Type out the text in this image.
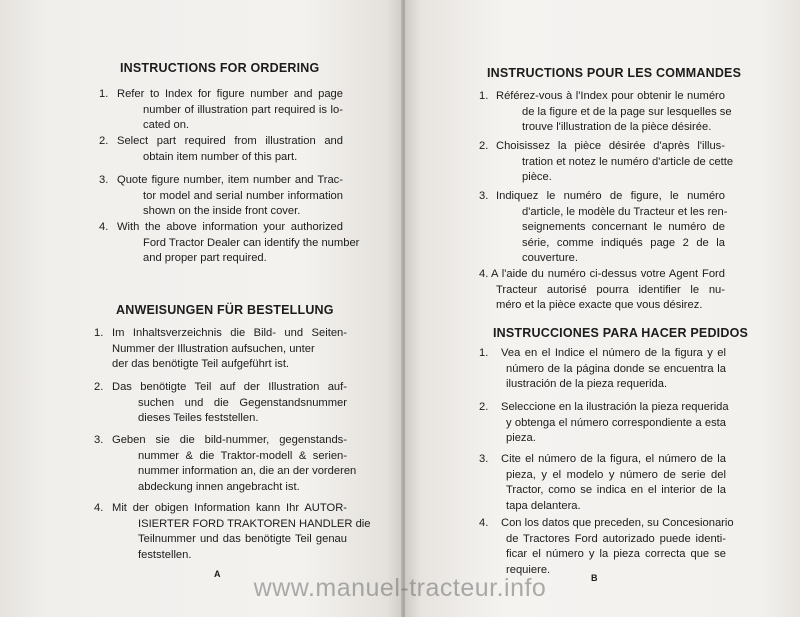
INSTRUCTIONS FOR ORDERING
1. Refer to Index for figure number and page
number of illustration part required is lo-
cated on.
2. Select part required from illustration and
obtain item number of this part.
3. Quote figure number, item number and Trac-
tor model and serial number information
shown on the inside front cover.
4. With the above information your authorized
Ford Tractor Dealer can identify the number
and proper part required.
ANWEISUNGEN FÜR BESTELLUNG
1. Im Inhaltsverzeichnis die Bild- und Seiten-
Nummer der Illustration aufsuchen, unter
der das benötigte Teil aufgeführt ist.
2. Das benötigte Teil auf der Illustration auf-
suchen und die Gegenstandsnummer
dieses Teiles feststellen.
3. Geben sie die bild-nummer, gegenstands-
nummer & die Traktor-modell & serien-
nummer information an, die an der vorderen
abdeckung innen angebracht ist.
4. Mit der obigen Information kann Ihr AUTOR-
ISIERTER FORD TRAKTOREN HANDLER die
Teilnummer und das benötigte Teil genau
feststellen.
A
INSTRUCTIONS POUR LES COMMANDES
1. Référez-vous à l'Index pour obtenir le numéro
de la figure et de la page sur lesquelles se
trouve l'illustration de la pièce désirée.
2. Choisissez la pièce désirée d'après l'illus-
tration et notez le numéro d'article de cette
pièce.
3. Indiquez le numéro de figure, le numéro
d'article, le modèle du Tracteur et les ren-
seignements concernant le numéro de
série, comme indiqués page 2 de la
couverture.
4. A l'aide du numéro ci-dessus votre Agent Ford
Tracteur autorisé pourra identifier le nu-
méro et la pièce exacte que vous désirez.
INSTRUCCIONES PARA HACER PEDIDOS
1. Vea en el Indice el número de la figura y el
número de la página donde se encuentra la
ilustración de la pieza requerida.
2. Seleccione en la ilustración la pieza requerida
y obtenga el número correspondiente a esta
pieza.
3. Cite el número de la figura, el número de la
pieza, y el modelo y número de serie del
Tractor, como se indica en el interior de la
tapa delantera.
4. Con los datos que preceden, su Concesionario
de Tractores Ford autorizado puede identi-
ficar el número y la pieza correcta que se
requiere.
B
www.manuel-tracteur.info
